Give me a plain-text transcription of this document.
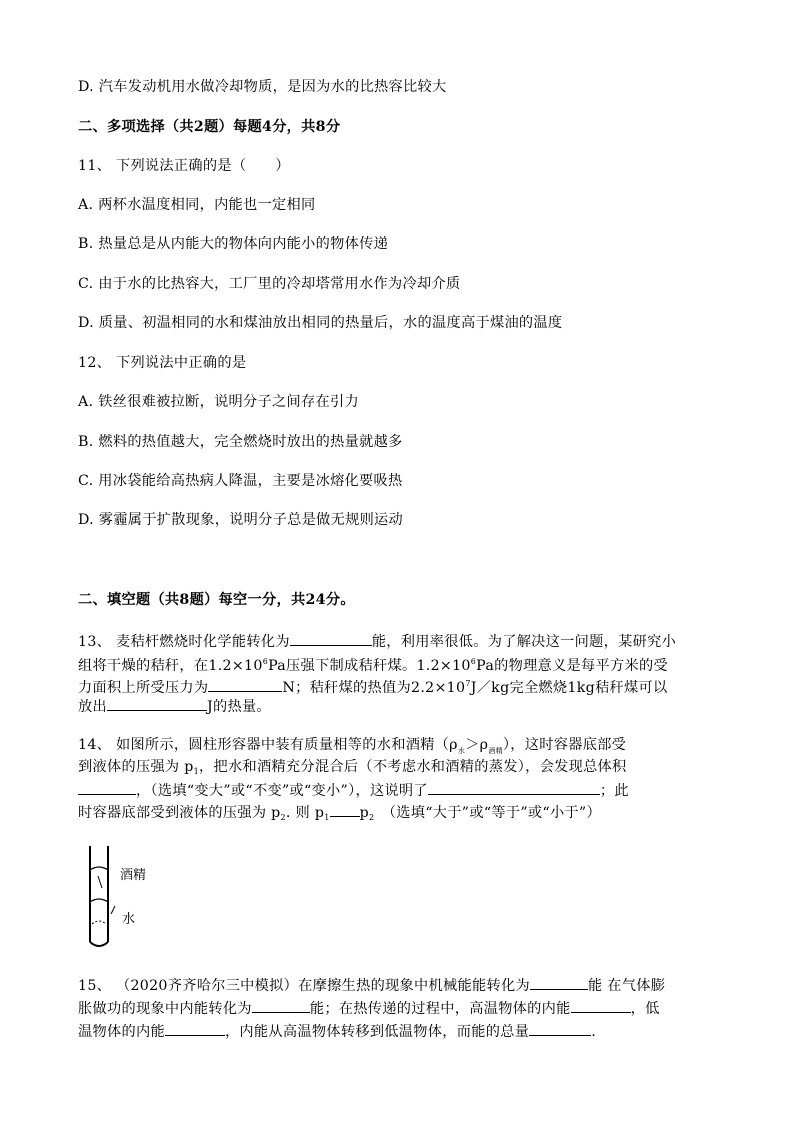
D. 汽车发动机用水做冷却物质，是因为水的比热容比较大
二、多项选择（共2题）每题4分，共8分
11、 下列说法正确的是（　　）
A. 两杯水温度相同，内能也一定相同
B. 热量总是从内能大的物体向内能小的物体传递
C. 由于水的比热容大，工厂里的冷却塔常用水作为冷却介质
D. 质量、初温相同的水和煤油放出相同的热量后，水的温度高于煤油的温度
12、 下列说法中正确的是
A. 铁丝很难被拉断，说明分子之间存在引力
B. 燃料的热值越大，完全燃烧时放出的热量就越多
C. 用冰袋能给高热病人降温，主要是冰熔化要吸热
D. 雾霾属于扩散现象，说明分子总是做无规则运动
二、填空题（共8题）每空一分，共24分。
13、 麦秸杆燃烧时化学能转化为	能，利用率很低。为了解决这一问题，某研究小
组将干燥的秸秆，在$1.2\times 10^6Pa$压强下制成秸秆煤。$1.2\times 10^6Pa$的物理意义是每平方米的受
力面积上所受压力为	N；秸秆煤的热值为$2.2\times 10^7J/kg$完全燃烧1kg秸秆煤可以
放出	J的热量。
14、 如图所示，圆柱形容器中装有质量相等的水和酒精$(\rho_水>\rho_{酒精})$，这时容器底部受
到液体的压强为 $p_1$，把水和酒精充分混合后（不考虑水和酒精的蒸发），会发现总体积
，（选填“变大”或“不变”或“变小”），这说明了	；此
时容器底部受到液体的压强为 $p_2$. 则 $p_1$ $p_2$　（选填“大于”或“等于”或“小于”）
酒精
水
15、 （2020齐齐哈尔三中模拟）在摩擦生热的现象中机械能能转化为	能 在气体膨
胀做功的现象中内能转化为	能；在热传递的过程中，高温物体的内能	，低
温物体的内能	，内能从高温物体转移到低温物体，而能的总量	.
